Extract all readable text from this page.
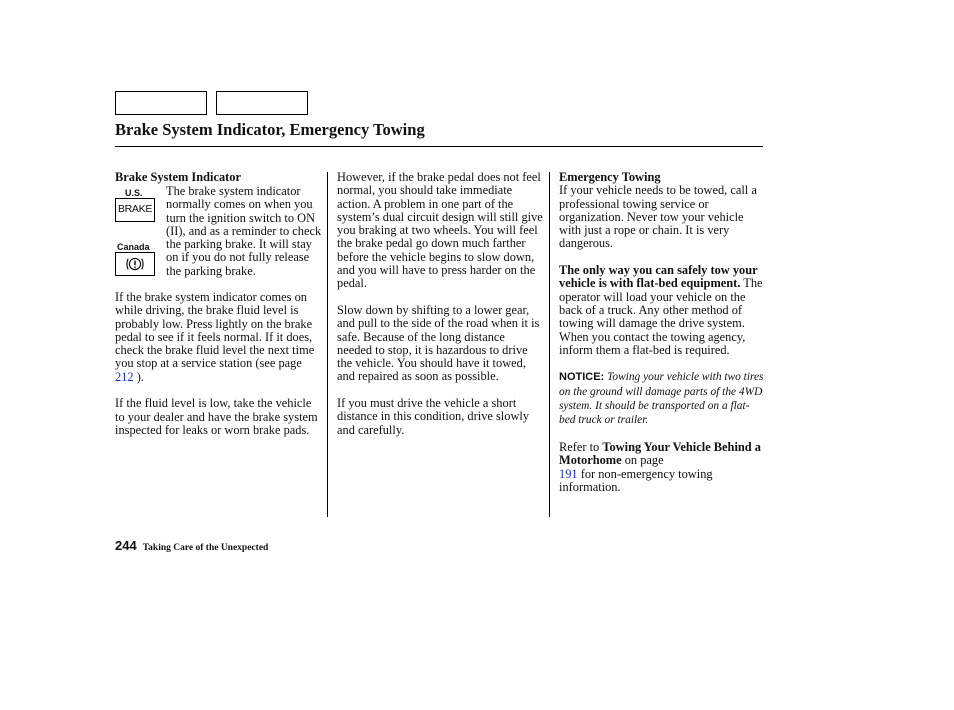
Brake System Indicator, Emergency Towing
Brake System Indicator
U.S.
BRAKE
Canada
The brake system indicator normally comes on when you turn the ignition switch to ON (II), and as a reminder to check the parking brake. It will stay on if you do not fully release the parking brake.

If the brake system indicator comes on while driving, the brake fluid level is probably low. Press lightly on the brake pedal to see if it feels normal. If it does, check the brake fluid level the next time you stop at a service station (see page 212 ).

If the fluid level is low, take the vehicle to your dealer and have the brake system inspected for leaks or worn brake pads.

However, if the brake pedal does not feel normal, you should take immediate action. A problem in one part of the system’s dual circuit design will still give you braking at two wheels. You will feel the brake pedal go down much farther before the vehicle begins to slow down, and you will have to press harder on the pedal.

Slow down by shifting to a lower gear, and pull to the side of the road when it is safe. Because of the long distance needed to stop, it is hazardous to drive the vehicle. You should have it towed, and repaired as soon as possible.

If you must drive the vehicle a short distance in this condition, drive slowly and carefully.

Emergency Towing

If your vehicle needs to be towed, call a professional towing service or organization. Never tow your vehicle with just a rope or chain. It is very dangerous.

The only way you can safely tow your vehicle is with flat-bed equipment. The operator will load your vehicle on the back of a truck. Any other method of towing will damage the drive system. When you contact the towing agency, inform them a flat-bed is required.

NOTICE: Towing your vehicle with two tires on the ground will damage parts of the 4WD system. It should be transported on a flat-bed truck or trailer.

Refer to Towing Your Vehicle Behind a Motorhome on page
191 for non-emergency towing information.

244 Taking Care of the Unexpected
